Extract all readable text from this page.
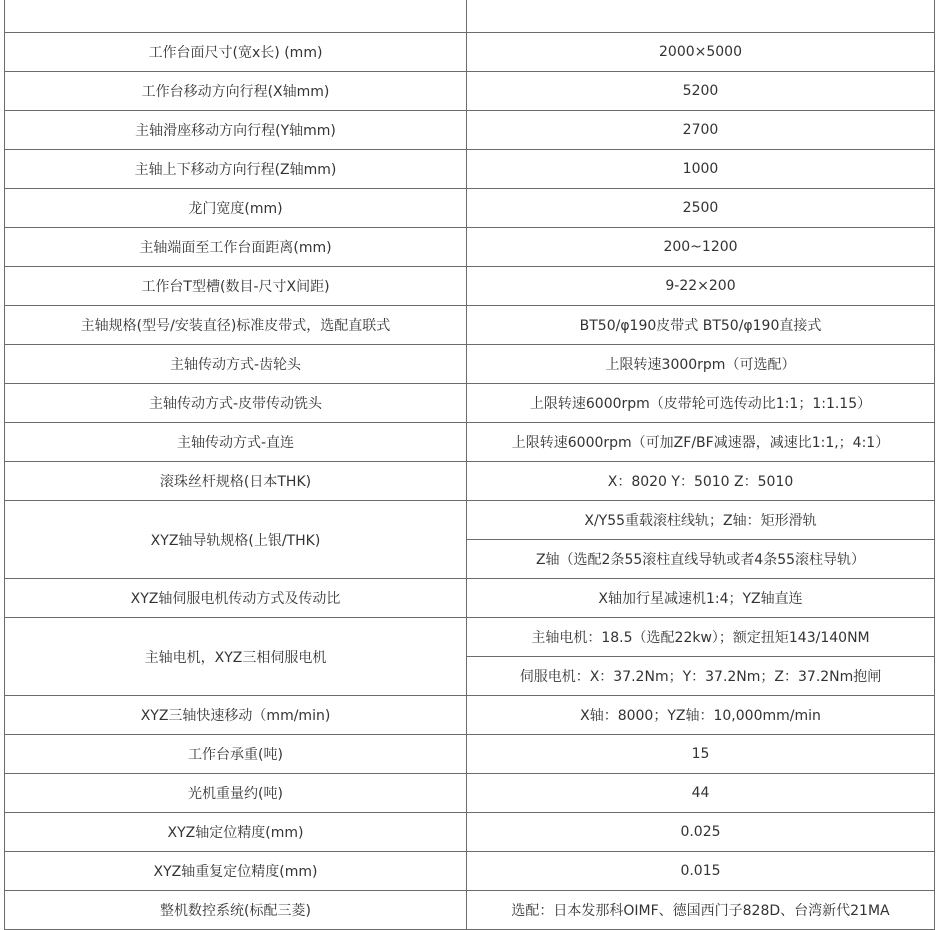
工作台面尺寸(宽x长) (mm)	2000×5000
工作台移动方向行程(X轴mm)	5200
主轴滑座移动方向行程(Y轴mm)	2700
主轴上下移动方向行程(Z轴mm)	1000
龙门宽度(mm)	2500
主轴端面至工作台面距离(mm)	200~1200
工作台T型槽(数目-尺寸X间距)	9-22×200
主轴规格(型号/安装直径)标准皮带式，选配直联式	BT50/φ190皮带式 BT50/φ190直接式
主轴传动方式-齿轮头	上限转速3000rpm（可选配）
主轴传动方式-皮带传动铣头	上限转速6000rpm（皮带轮可选传动比1:1；1:1.15）
主轴传动方式-直连	上限转速6000rpm（可加ZF/BF减速器，减速比1:1,；4:1）
滚珠丝杆规格(日本THK)	X：8020 Y：5010 Z：5010
XYZ轴导轨规格(上银/THK)	X/Y55重载滚柱线轨；Z轴：矩形滑轨
	Z轴（选配2条55滚柱直线导轨或者4条55滚柱导轨）
XYZ轴伺服电机传动方式及传动比	X轴加行星减速机1:4；YZ轴直连
主轴电机，XYZ三相伺服电机	主轴电机：18.5（选配22kw）；额定扭矩143/140NM
	伺服电机：X：37.2Nm；Y：37.2Nm；Z：37.2Nm抱闸
XYZ三轴快速移动（mm/min)	X轴：8000；YZ轴：10,000mm/min
工作台承重(吨)	15
光机重量约(吨)	44
XYZ轴定位精度(mm)	0.025
XYZ轴重复定位精度(mm)	0.015
整机数控系统(标配三菱)	选配：日本发那科OIMF、德国西门子828D、台湾新代21MA
